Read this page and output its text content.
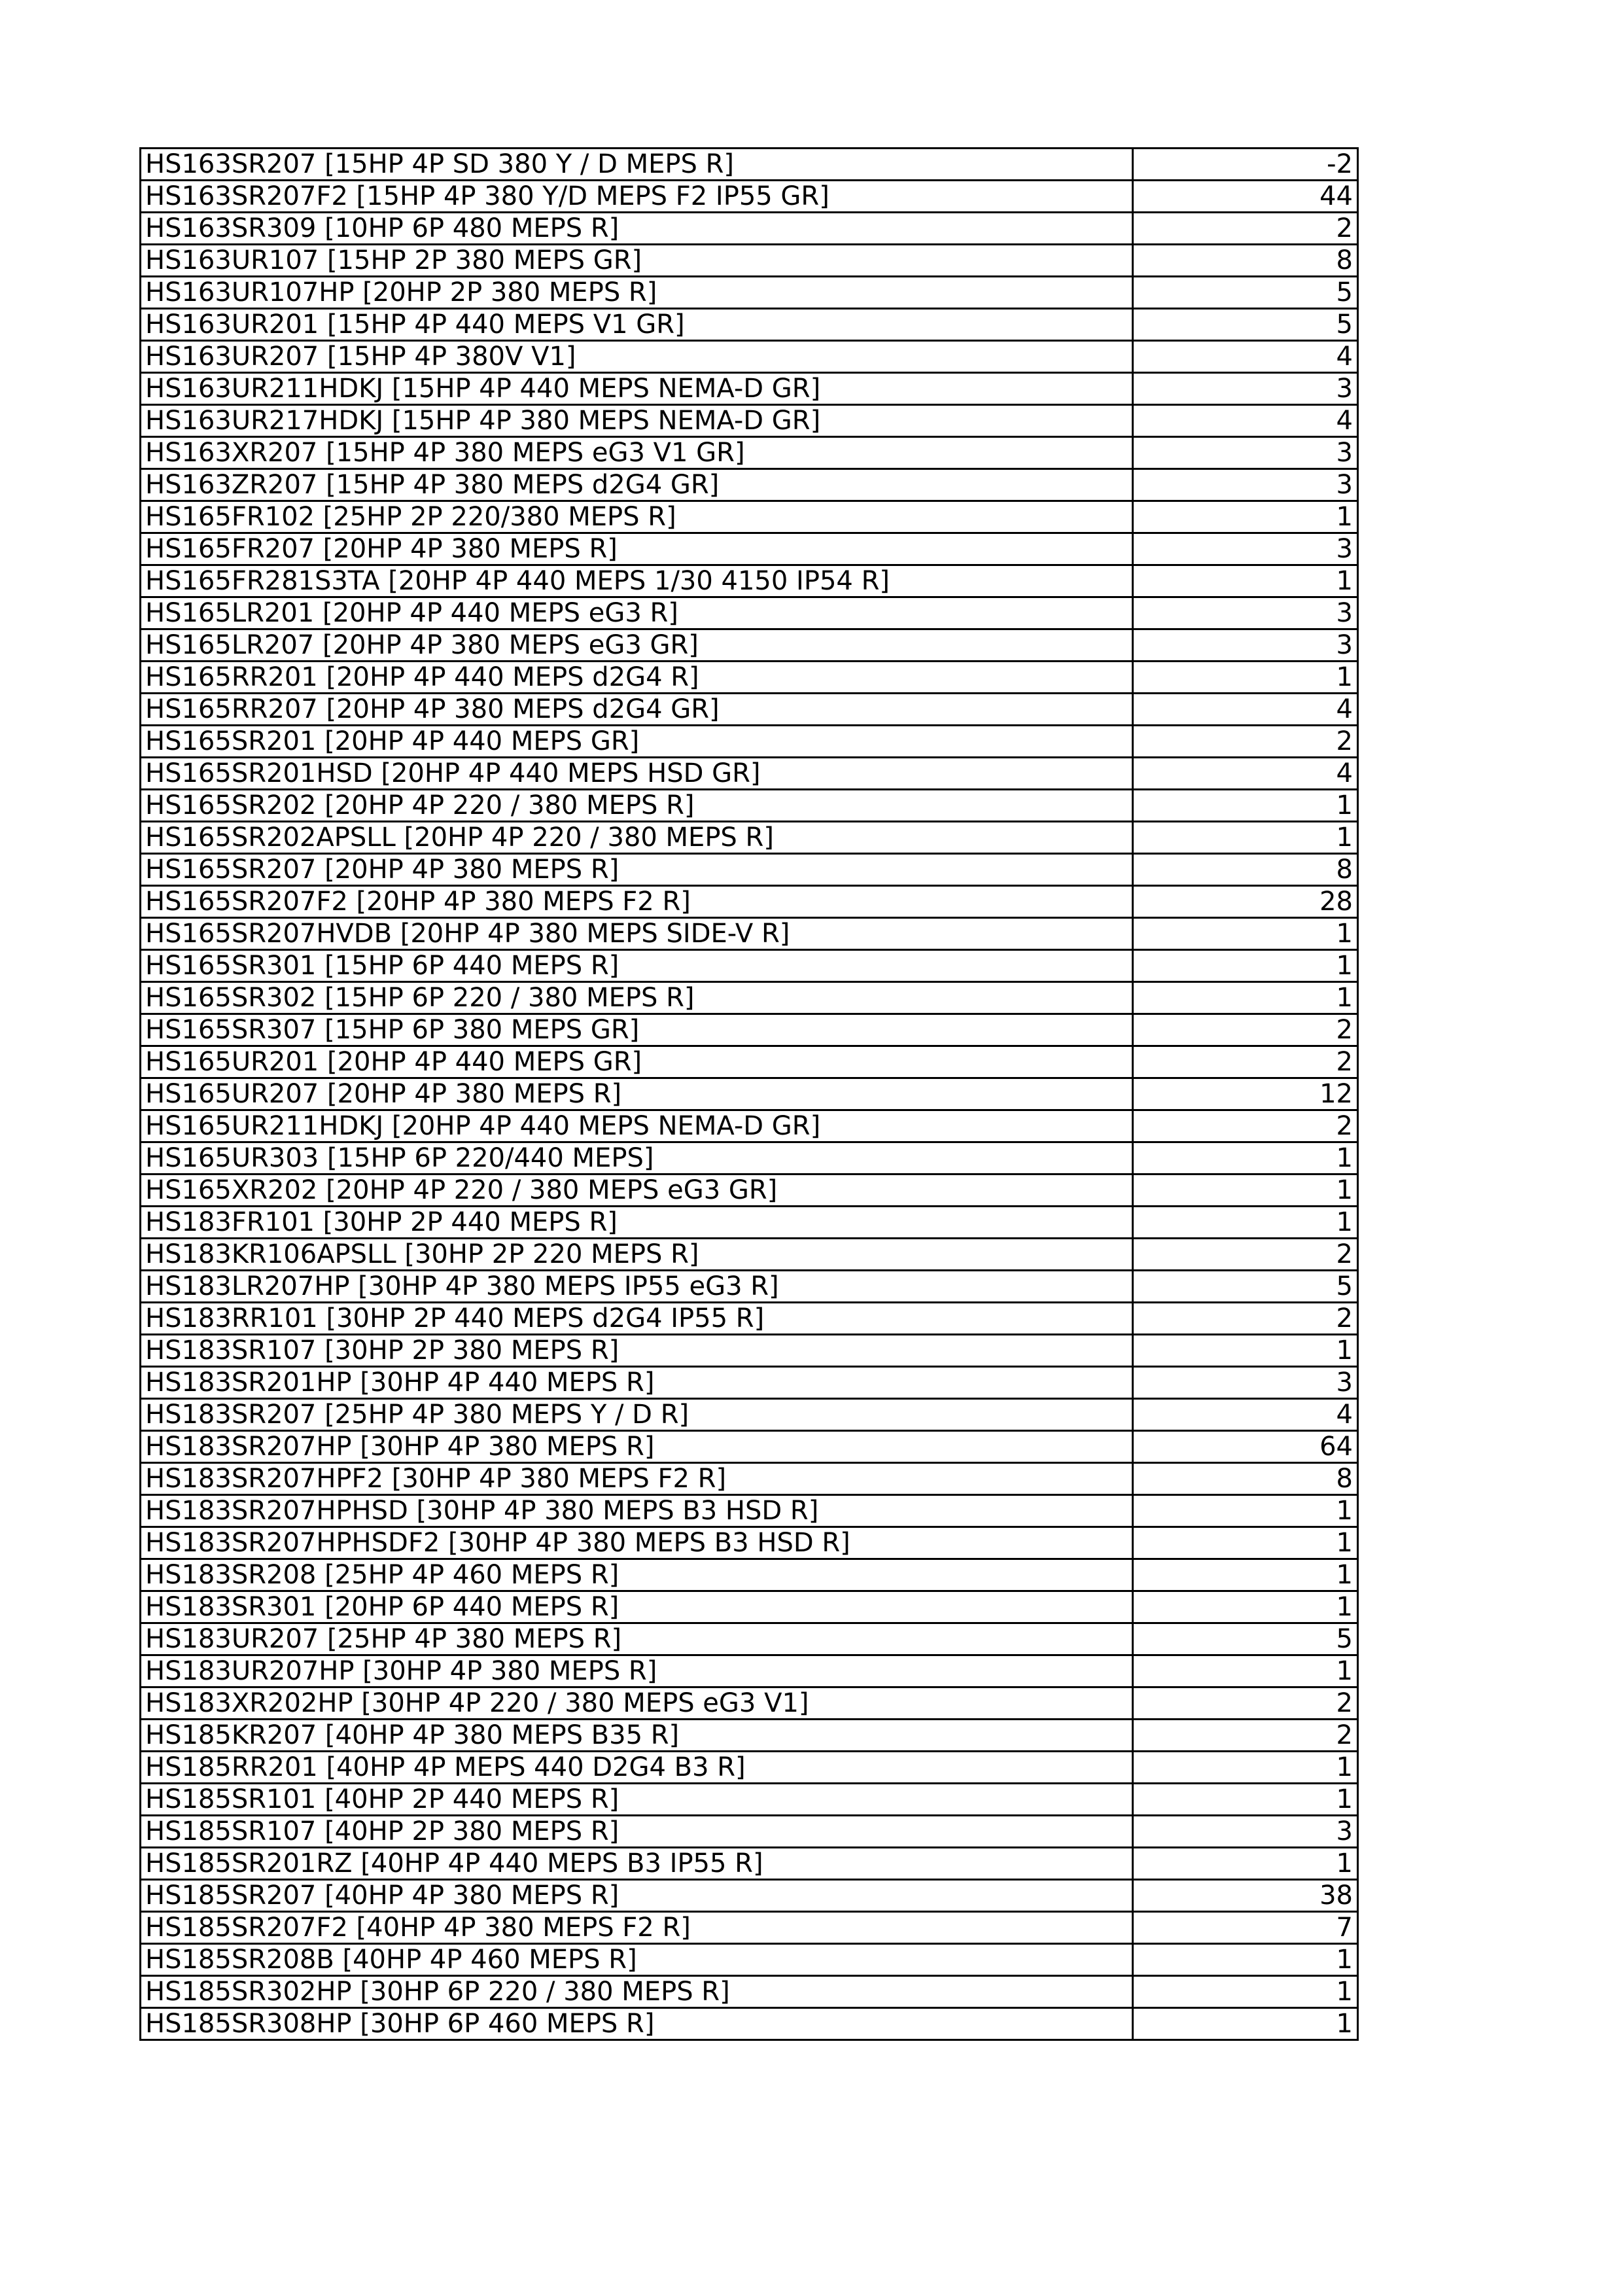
HS163SR207 [15HP 4P SD 380 Y / D MEPS R]	-2
HS163SR207F2 [15HP 4P 380 Y/D MEPS F2 IP55 GR]	44
HS163SR309 [10HP 6P 480 MEPS R]	2
HS163UR107 [15HP 2P 380 MEPS GR]	8
HS163UR107HP [20HP 2P 380 MEPS R]	5
HS163UR201 [15HP 4P 440 MEPS V1 GR]	5
HS163UR207 [15HP 4P 380V V1]	4
HS163UR211HDKJ [15HP 4P 440 MEPS NEMA-D GR]	3
HS163UR217HDKJ [15HP 4P 380 MEPS NEMA-D GR]	4
HS163XR207 [15HP 4P 380 MEPS eG3 V1 GR]	3
HS163ZR207 [15HP 4P 380 MEPS d2G4 GR]	3
HS165FR102 [25HP 2P 220/380 MEPS R]	1
HS165FR207 [20HP 4P 380 MEPS R]	3
HS165FR281S3TA [20HP 4P 440 MEPS 1/30 4150 IP54 R]	1
HS165LR201 [20HP 4P 440 MEPS eG3 R]	3
HS165LR207 [20HP 4P 380 MEPS eG3 GR]	3
HS165RR201 [20HP 4P 440 MEPS d2G4 R]	1
HS165RR207 [20HP 4P 380 MEPS d2G4 GR]	4
HS165SR201 [20HP 4P 440 MEPS GR]	2
HS165SR201HSD [20HP 4P 440 MEPS HSD GR]	4
HS165SR202 [20HP 4P 220 / 380 MEPS R]	1
HS165SR202APSLL [20HP 4P 220 / 380 MEPS R]	1
HS165SR207 [20HP 4P 380 MEPS R]	8
HS165SR207F2 [20HP 4P 380 MEPS F2 R]	28
HS165SR207HVDB [20HP 4P 380 MEPS SIDE-V R]	1
HS165SR301 [15HP 6P 440 MEPS R]	1
HS165SR302 [15HP 6P 220 / 380 MEPS R]	1
HS165SR307 [15HP 6P 380 MEPS GR]	2
HS165UR201 [20HP 4P 440 MEPS GR]	2
HS165UR207 [20HP 4P 380 MEPS R]	12
HS165UR211HDKJ [20HP 4P 440 MEPS NEMA-D GR]	2
HS165UR303 [15HP 6P 220/440 MEPS]	1
HS165XR202 [20HP 4P 220 / 380 MEPS eG3 GR]	1
HS183FR101 [30HP 2P 440 MEPS R]	1
HS183KR106APSLL [30HP 2P 220 MEPS R]	2
HS183LR207HP [30HP 4P 380 MEPS IP55 eG3 R]	5
HS183RR101 [30HP 2P 440 MEPS d2G4 IP55 R]	2
HS183SR107 [30HP 2P 380 MEPS R]	1
HS183SR201HP [30HP 4P 440 MEPS R]	3
HS183SR207 [25HP 4P 380 MEPS Y / D R]	4
HS183SR207HP [30HP 4P 380 MEPS R]	64
HS183SR207HPF2 [30HP 4P 380 MEPS F2 R]	8
HS183SR207HPHSD [30HP 4P 380 MEPS B3 HSD R]	1
HS183SR207HPHSDF2 [30HP 4P 380 MEPS B3 HSD R]	1
HS183SR208 [25HP 4P 460 MEPS R]	1
HS183SR301 [20HP 6P 440 MEPS R]	1
HS183UR207 [25HP 4P 380 MEPS R]	5
HS183UR207HP [30HP 4P 380 MEPS R]	1
HS183XR202HP [30HP 4P 220 / 380 MEPS eG3 V1]	2
HS185KR207 [40HP 4P 380 MEPS B35 R]	2
HS185RR201 [40HP 4P MEPS 440 D2G4 B3 R]	1
HS185SR101 [40HP 2P 440 MEPS R]	1
HS185SR107 [40HP 2P 380 MEPS R]	3
HS185SR201RZ [40HP 4P 440 MEPS B3 IP55 R]	1
HS185SR207 [40HP 4P 380 MEPS R]	38
HS185SR207F2 [40HP 4P 380 MEPS F2 R]	7
HS185SR208B [40HP 4P 460 MEPS R]	1
HS185SR302HP [30HP 6P 220 / 380 MEPS R]	1
HS185SR308HP [30HP 6P 460 MEPS R]	1
